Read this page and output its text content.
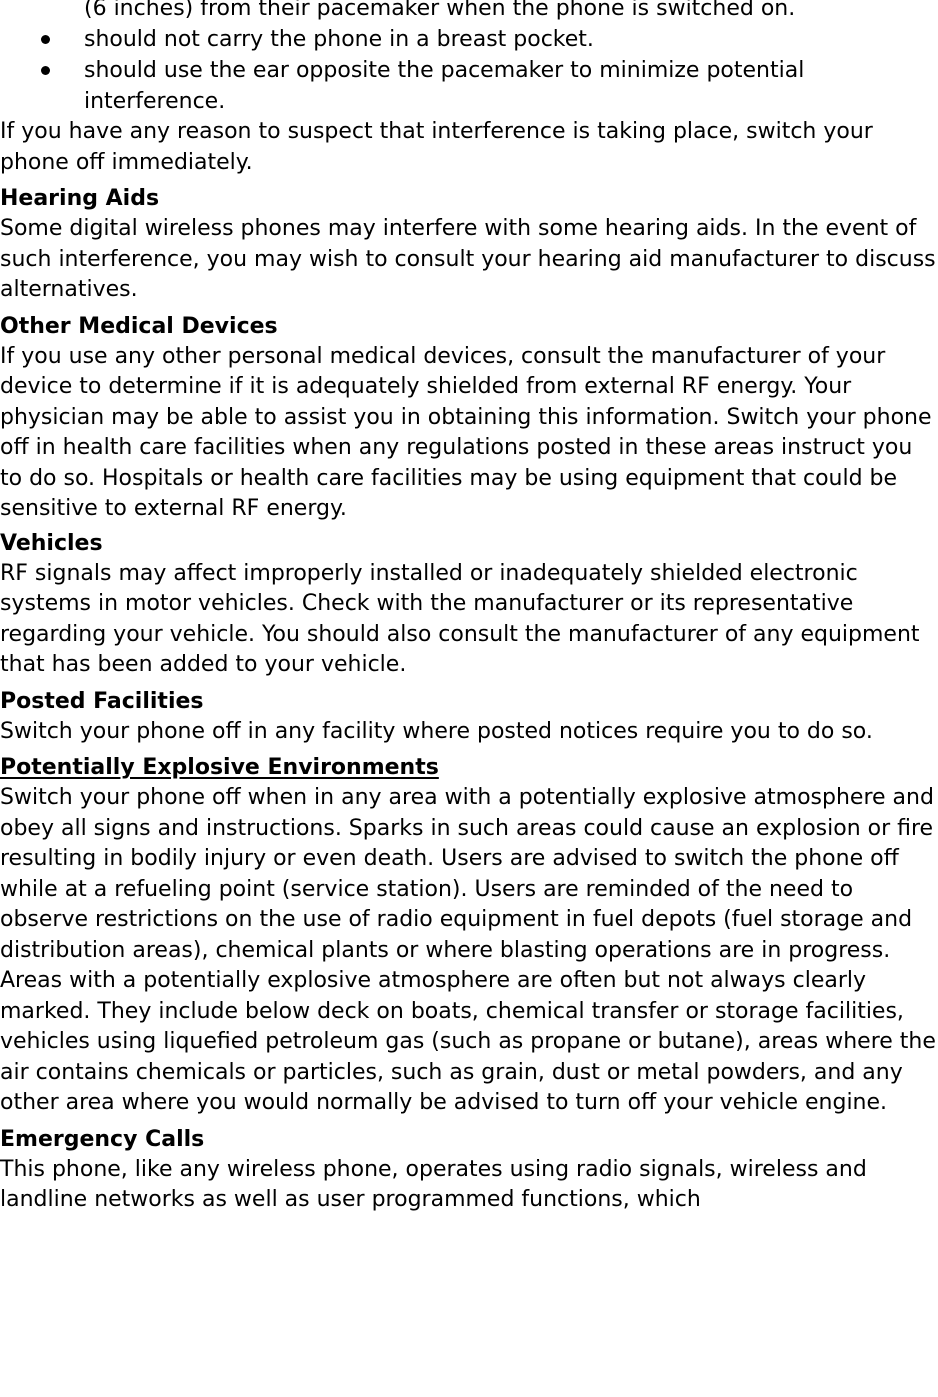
(6 inches) from their pacemaker when the phone is switched on.

should not carry the phone in a breast pocket.
should use the ear opposite the pacemaker to minimize potential interference.

If you have any reason to suspect that interference is taking place, switch your phone off immediately.

Hearing Aids

Some digital wireless phones may interfere with some hearing aids. In the event of such interference, you may wish to consult your hearing aid manufacturer to discuss alternatives.

Other Medical Devices

If you use any other personal medical devices, consult the manufacturer of your device to determine if it is adequately shielded from external RF energy. Your physician may be able to assist you in obtaining this information. Switch your phone off in health care facilities when any regulations posted in these areas instruct you to do so. Hospitals or health care facilities may be using equipment that could be sensitive to external RF energy.

Vehicles

RF signals may affect improperly installed or inadequately shielded electronic systems in motor vehicles. Check with the manufacturer or its representative regarding your vehicle. You should also consult the manufacturer of any equipment that has been added to your vehicle.

Posted Facilities

Switch your phone off in any facility where posted notices require you to do so.

Potentially Explosive Environments

Switch your phone off when in any area with a potentially explosive atmosphere and obey all signs and instructions. Sparks in such areas could cause an explosion or fire resulting in bodily injury or even death. Users are advised to switch the phone off while at a refueling point (service station). Users are reminded of the need to observe restrictions on the use of radio equipment in fuel depots (fuel storage and distribution areas), chemical plants or where blasting operations are in progress. Areas with a potentially explosive atmosphere are often but not always clearly marked. They include below deck on boats, chemical transfer or storage facilities, vehicles using liquefied petroleum gas (such as propane or butane), areas where the air contains chemicals or particles, such as grain, dust or metal powders, and any other area where you would normally be advised to turn off your vehicle engine.

Emergency Calls

This phone, like any wireless phone, operates using radio signals, wireless and landline networks as well as user programmed functions, which
